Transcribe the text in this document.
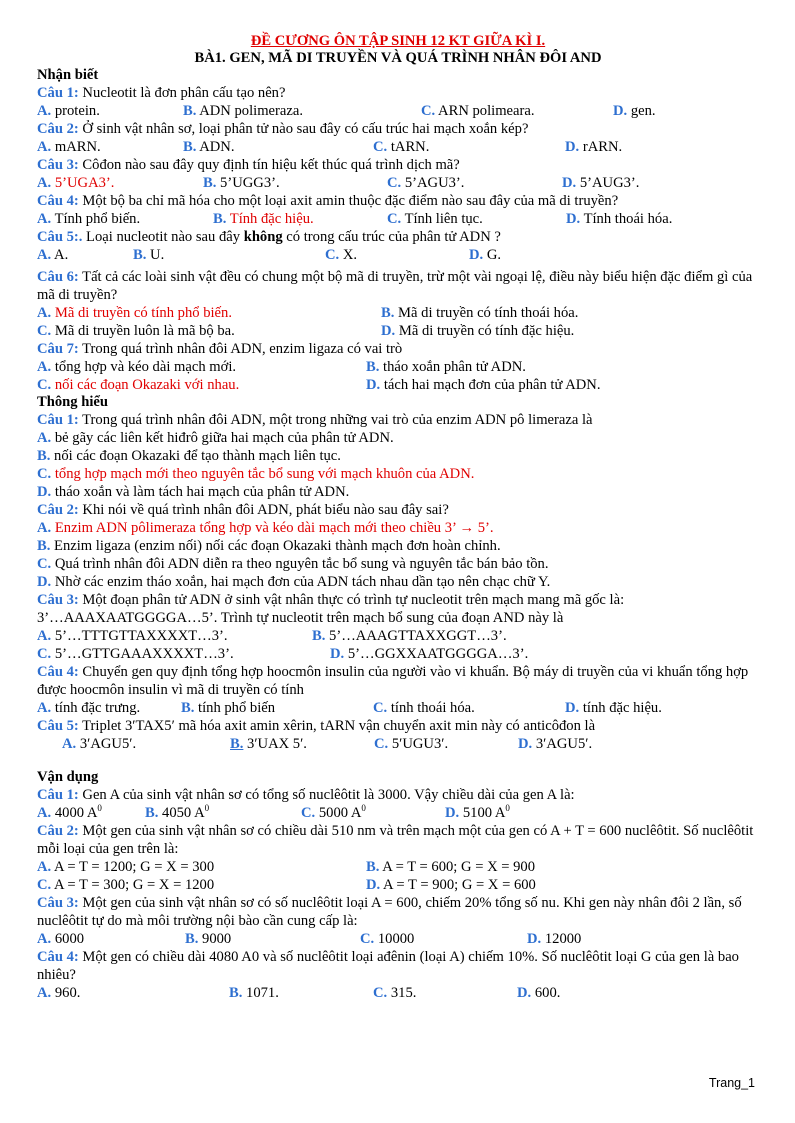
ĐỀ CƯƠNG ÔN TẬP SINH 12 KT GIỮA KÌ I.
BÀ1. GEN, MÃ DI TRUYỀN VÀ QUÁ TRÌNH NHÂN ĐÔI AND
Nhận biết
Câu 1: Nucleotit là đơn phân cấu tạo nên?
A. protein.	B. ADN polimeraza.	C. ARN polimeara.	D. gen.
Câu 2: Ở sinh vật nhân sơ, loại phân tử nào sau đây có cấu trúc hai mạch xoắn kép?
A. mARN.	B. ADN.	C. tARN.	D. rARN.
Câu 3: Côđon nào sau đây quy định tín hiệu kết thúc quá trình dịch mã?
A. 5’UGA3’.	B. 5’UGG3’.	C. 5’AGU3’.	D. 5’AUG3’.
Câu 4: Một bộ ba chỉ mã hóa cho một loại axit amin thuộc đặc điểm nào sau đây của mã di truyền?
A. Tính phổ biến.	B. Tính đặc hiệu.	C. Tính liên tục.	D. Tính thoái hóa.
Câu 5:. Loại nucleotit nào sau đây không có trong cấu trúc của phân tử ADN ?
A. A.	B. U.	C. X.	D. G.
Câu 6: Tất cả các loài sinh vật đều có chung một bộ mã di truyền, trừ một vài ngoại lệ, điều này biểu hiện đặc điểm gì của mã di truyền?
A. Mã di truyền có tính phổ biến.	B. Mã di truyền có tính thoái hóa.
C. Mã di truyền luôn là mã bộ ba.	D. Mã di truyền có tính đặc hiệu.
Câu 7: Trong quá trình nhân đôi ADN, enzim ligaza có vai trò
A. tổng hợp và kéo dài mạch mới.	B. tháo xoắn phân tử ADN.
C. nối các đoạn Okazaki với nhau.	D. tách hai mạch đơn của phân tử ADN.
Thông hiểu
Câu 1: Trong quá trình nhân đôi ADN, một trong những vai trò của enzim ADN pô limeraza là
A. bẻ gãy các liên kết hiđrô giữa hai mạch của phân tử ADN.
B. nối các đoạn Okazaki để tạo thành mạch liên tục.
C. tổng hợp mạch mới theo nguyên tắc bổ sung với mạch khuôn của ADN.
D. tháo xoắn và làm tách hai mạch của phân tử ADN.
Câu 2: Khi nói về quá trình nhân đôi ADN, phát biểu nào sau đây sai?
A. Enzim ADN pôlimeraza tổng hợp và kéo dài mạch mới theo chiều 3’ → 5’.
B. Enzim ligaza (enzim nối) nối các đoạn Okazaki thành mạch đơn hoàn chỉnh.
C. Quá trình nhân đôi ADN diễn ra theo nguyên tắc bổ sung và nguyên tắc bán bảo tồn.
D. Nhờ các enzim tháo xoắn, hai mạch đơn của ADN tách nhau dần tạo nên chạc chữ Y.
Câu 3: Một đoạn phân tử ADN ở sinh vật nhân thực có trình tự nucleotit trên mạch mang mã gốc là:
3’…AAAXAATGGGGA…5’. Trình tự nucleotit trên mạch bổ sung của đoạn AND này là
A. 5’…TTTGTTAXXXXT…3’.	B. 5’…AAAGTTAXXGGT…3’.
C. 5’…GTTGAAAXXXXT…3’.	D. 5’…GGXXAATGGGGA…3’.
Câu 4: Chuyển gen quy định tổng hợp hoocmôn insulin của người vào vi khuẩn. Bộ máy di truyền của vi khuẩn tổng hợp được hoocmôn insulin vì mã di truyền có tính
A. tính đặc trưng.	B. tính phổ biến	C. tính thoái hóa.	D. tính đặc hiệu.
Câu 5: Triplet 3′TAX5′ mã hóa axit amin xêrin, tARN vận chuyển axit min này có anticôđon là
A. 3′AGU5′.	B. 3′UAX 5′.	C. 5′UGU3′.	D. 3′AGU5′.
Vận dụng
Câu 1: Gen A của sinh vật nhân sơ có tổng số nuclêôtit là 3000. Vậy chiều dài của gen A là:
A. 4000 $A^0$	B. 4050 $A^0$	C. 5000 $A^0$	D. 5100 $A^0$
Câu 2: Một gen của sinh vật nhân sơ có chiều dài 510 nm và trên mạch một của gen có A + T = 600 nuclêôtit. Số nuclêôtit mỗi loại của gen trên là:
A. A = T = 1200; G = X = 300	B. A = T = 600; G = X = 900
C. A = T = 300; G = X = 1200	D. A = T = 900; G = X = 600
Câu 3: Một gen của sinh vật nhân sơ có số nuclêôtit loại A = 600, chiếm 20% tổng số nu. Khi gen này nhân đôi 2 lần, số nuclêôtit tự do mà môi trường nội bào cần cung cấp là:
A. 6000	B. 9000	C. 10000	D. 12000
Câu 4: Một gen có chiều dài 4080 A0 và số nuclêôtit loại ađênin (loại A) chiếm 10%. Số nuclêôtit loại G của gen là bao nhiêu?
A. 960.	B. 1071.	C. 315.	D. 600.
Trang_1
